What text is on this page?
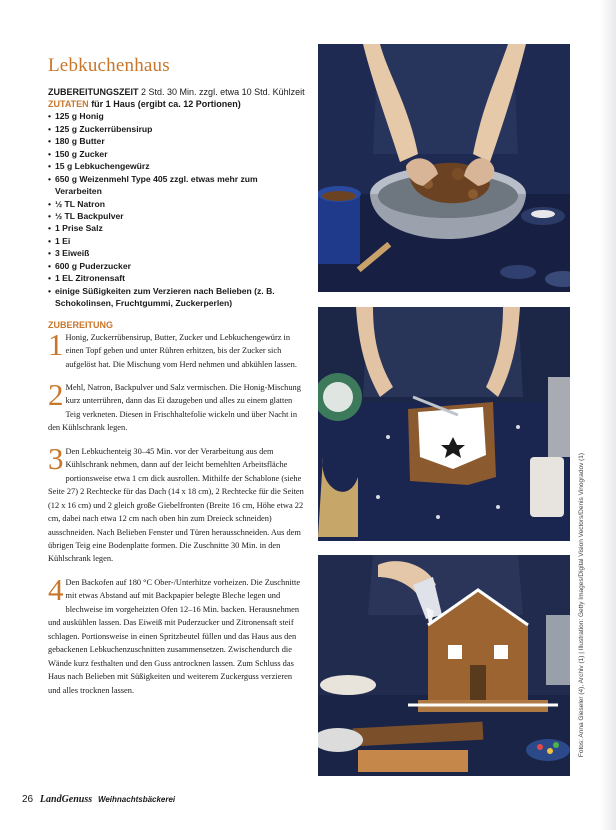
Lebkuchenhaus
ZUBEREITUNGSZEIT 2 Std. 30 Min. zzgl. etwa 10 Std. Kühlzeit
ZUTATEN für 1 Haus (ergibt ca. 12 Portionen)
• 125 g Honig
• 125 g Zuckerrübensirup
• 180 g Butter
• 150 g Zucker
• 15 g Lebkuchengewürz
• 650 g Weizenmehl Type 405 zzgl. etwas mehr zum Verarbeiten
• ½ TL Natron
• ½ TL Backpulver
• 1 Prise Salz
• 1 Ei
• 3 Eiweiß
• 600 g Puderzucker
• 1 EL Zitronensaft
• einige Süßigkeiten zum Verzieren nach Belieben (z. B. Schokolinsen, Fruchtgummi, Zuckerperlen)
ZUBEREITUNG
1 Honig, Zuckerrübensirup, Butter, Zucker und Lebkuchengewürz in einen Topf geben und unter Rühren erhitzen, bis der Zucker sich aufgelöst hat. Die Mischung vom Herd nehmen und abkühlen lassen.
2 Mehl, Natron, Backpulver und Salz vermischen. Die Honig-Mischung kurz unterrühren, dann das Ei dazugeben und alles zu einem glatten Teig verkneten. Diesen in Frischhaltefolie wickeln und über Nacht in den Kühlschrank legen.
3 Den Lebkuchenteig 30–45 Min. vor der Verarbeitung aus dem Kühlschrank nehmen, dann auf der leicht bemehlten Arbeitsfläche portionsweise etwa 1 cm dick ausrollen. Mithilfe der Schablone (siehe Seite 27) 2 Rechtecke für das Dach (14 x 18 cm), 2 Rechtecke für die Seiten (12 x 16 cm) und 2 gleich große Giebelfronten (Breite 16 cm, Höhe etwa 22 cm, dabei nach etwa 12 cm nach oben hin zum Dreieck schneiden) ausschneiden. Nach Belieben Fenster und Türen herausschneiden. Aus dem übrigen Teig eine Bodenplatte formen. Die Zuschnitte 30 Min. in den Kühlschrank legen.
4 Den Backofen auf 180 °C Ober-/Unterhitze vorheizen. Die Zuschnitte mit etwas Abstand auf mit Backpapier belegte Bleche legen und blechweise im vorgeheizten Ofen 12–16 Min. backen. Herausnehmen und auskühlen lassen. Das Eiweiß mit Puderzucker und Zitronensaft steif schlagen. Portionsweise in einen Spritzbeutel füllen und das Haus aus den gebackenen Lebkuchenzuschnitten zusammensetzen. Zwischendurch die Wände kurz festhalten und den Guss antrocknen lassen. Zum Schluss das Haus nach Belieben mit Süßigkeiten und weiterem Zuckerguss verzieren und alles trocknen lassen.	Fotos: Anna Gieseler (4), Archiv (1) | Illustration: Getty Images/Digital Vision Vectors/Denis Vinogradov (1)
26 LandGenuss Weihnachtsbäckerei
